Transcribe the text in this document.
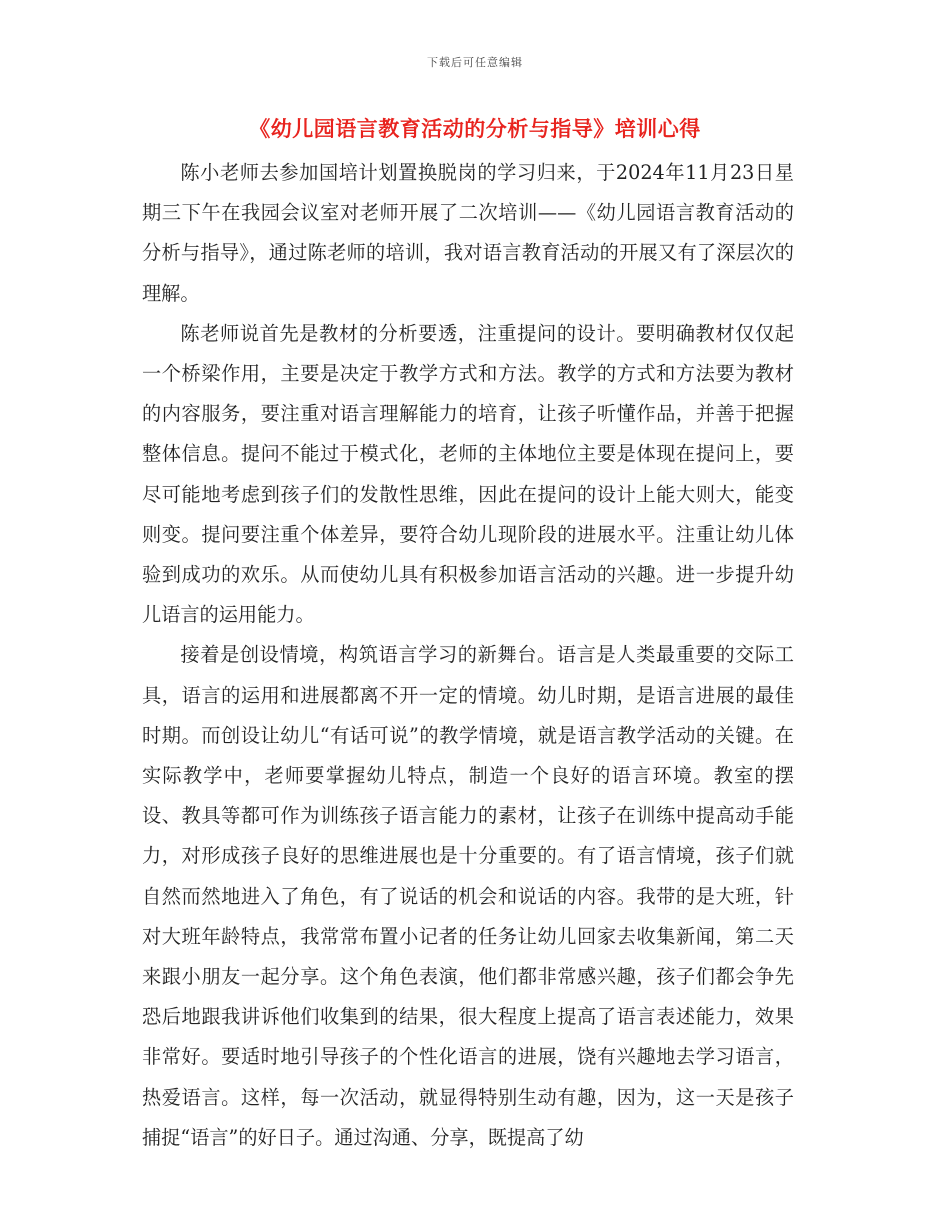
下载后可任意编辑
《幼儿园语言教育活动的分析与指导》培训心得

陈小老师去参加国培计划置换脱岗的学习归来，于2024年11月23日星期三下午在我园会议室对老师开展了二次培训——《幼儿园语言教育活动的分析与指导》，通过陈老师的培训，我对语言教育活动的开展又有了深层次的理解。

陈老师说首先是教材的分析要透，注重提问的设计。要明确教材仅仅起一个桥梁作用，主要是决定于教学方式和方法。教学的方式和方法要为教材的内容服务，要注重对语言理解能力的培育，让孩子听懂作品，并善于把握整体信息。提问不能过于模式化，老师的主体地位主要是体现在提问上，要尽可能地考虑到孩子们的发散性思维，因此在提问的设计上能大则大，能变则变。提问要注重个体差异，要符合幼儿现阶段的进展水平。注重让幼儿体验到成功的欢乐。从而使幼儿具有积极参加语言活动的兴趣。进一步提升幼儿语言的运用能力。

接着是创设情境，构筑语言学习的新舞台。语言是人类最重要的交际工具，语言的运用和进展都离不开一定的情境。幼儿时期，是语言进展的最佳时期。而创设让幼儿“有话可说”的教学情境，就是语言教学活动的关键。在实际教学中，老师要掌握幼儿特点，制造一个良好的语言环境。教室的摆设、教具等都可作为训练孩子语言能力的素材，让孩子在训练中提高动手能力，对形成孩子良好的思维进展也是十分重要的。有了语言情境，孩子们就自然而然地进入了角色，有了说话的机会和说话的内容。我带的是大班，针对大班年龄特点，我常常布置小记者的任务让幼儿回家去收集新闻，第二天来跟小朋友一起分享。这个角色表演，他们都非常感兴趣，孩子们都会争先恐后地跟我讲诉他们收集到的结果，很大程度上提高了语言表述能力，效果非常好。要适时地引导孩子的个性化语言的进展，饶有兴趣地去学习语言，热爱语言。这样，每一次活动，就显得特别生动有趣，因为，这一天是孩子捕捉“语言”的好日子。通过沟通、分享，既提高了幼
